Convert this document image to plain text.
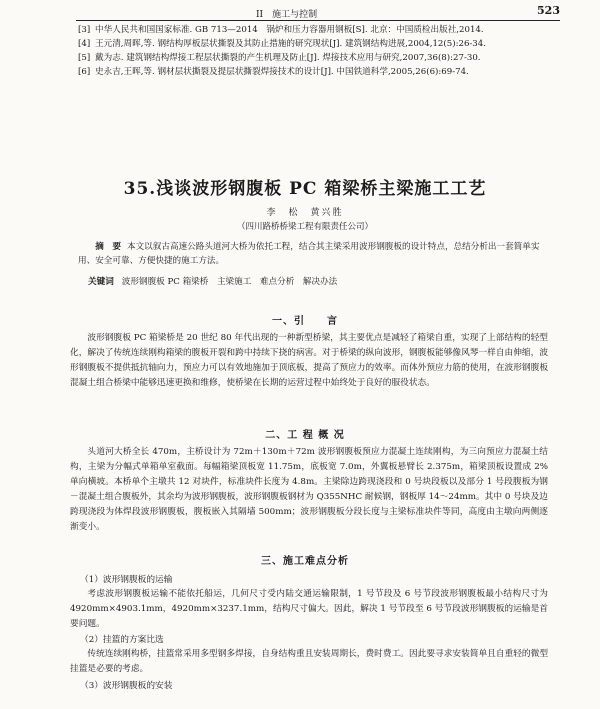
II　施工与控制	523
[3] 中华人民共和国国家标准. GB 713—2014　锅炉和压力容器用钢板[S]. 北京：中国质检出版社,2014.
[4] 王元清,周晖,等. 钢结构厚板层状撕裂及其防止措施的研究现状[J]. 建筑钢结构进展,2004,12(5):26-34.
[5] 戴为志. 建筑钢结构焊接工程层状撕裂的产生机理及防止[J]. 焊接技术应用与研究,2007,36(8):27-30.
[6] 史永吉,王晖,等. 钢材层状撕裂及提层状撕裂焊接技术的设计[J]. 中国铁道科学,2005,26(6):69-74.
35.浅谈波形钢腹板 PC 箱梁桥主梁施工工艺
李　松　黄兴胜
（四川路桥桥梁工程有限责任公司）
摘　要 本文以叙古高速公路头道河大桥为依托工程，结合其主梁采用波形钢腹板的设计特点，总结分析出一套简单实用、安全可靠、方便快捷的施工方法。
关键词 波形钢腹板 PC 箱梁桥　主梁施工　难点分析　解决办法
一、引　　言
波形钢腹板 PC 箱梁桥是 20 世纪 80 年代出现的一种新型桥梁，其主要优点是减轻了箱梁自重，实现了上部结构的轻型化，解决了传统连续刚构箱梁的腹板开裂和跨中持续下挠的病害。对于桥梁的纵向波形，钢腹板能够像风琴一样自由伸缩，波形钢腹板不提供抵抗轴向力，预应力可以有效地施加于顶底板，提高了预应力的效率。而体外预应力筋的使用，在波形钢腹板混凝土组合桥梁中能够迅速更换和维修，使桥梁在长期的运营过程中始终处于良好的服役状态。
二、工 程 概 况
头道河大桥全长 470m，主桥设计为 72m＋130m＋72m 波形钢腹板预应力混凝土连续刚构，为三向预应力混凝土结构，主梁为分幅式单箱单室截面。每幅箱梁顶板宽 11.75m，底板宽 7.0m，外翼板悬臂长 2.375m，箱梁顶板设置成 2% 单向横坡。本桥单个主墩共 12 对块件，标准块件长度为 4.8m。主梁除边跨现浇段和 0 号块段板以及部分 1 号段腹板为钢－混凝土组合腹板外，其余均为波形钢腹板，波形钢腹板钢材为 Q355NHC 耐候钢，钢板厚 14～24mm。其中 0 号块及边跨现浇段为体焊段波形钢腹板，腹板嵌入其隔墙 500mm；波形钢腹板分段长度与主梁标准块件等同，高度由主墩向两侧逐渐变小。
三、施工难点分析
（1）波形钢腹板的运输
考虑波形钢腹板运输不能依托船运，几何尺寸受内陆交通运输限制，1 号节段及 6 号节段波形钢腹板最小结构尺寸为 4920mm×4903.1mm，4920mm×3237.1mm，结构尺寸偏大。因此，解决 1 号节段至 6 号节段波形钢腹板的运输是首要问题。
（2）挂篮的方案比选
传统连续刚构桥，挂篮常采用多型钢多焊接，自身结构重且安装周期长，费时费工。因此要寻求安装简单且自重轻的微型挂篮是必要的考虑。
（3）波形钢腹板的安装
